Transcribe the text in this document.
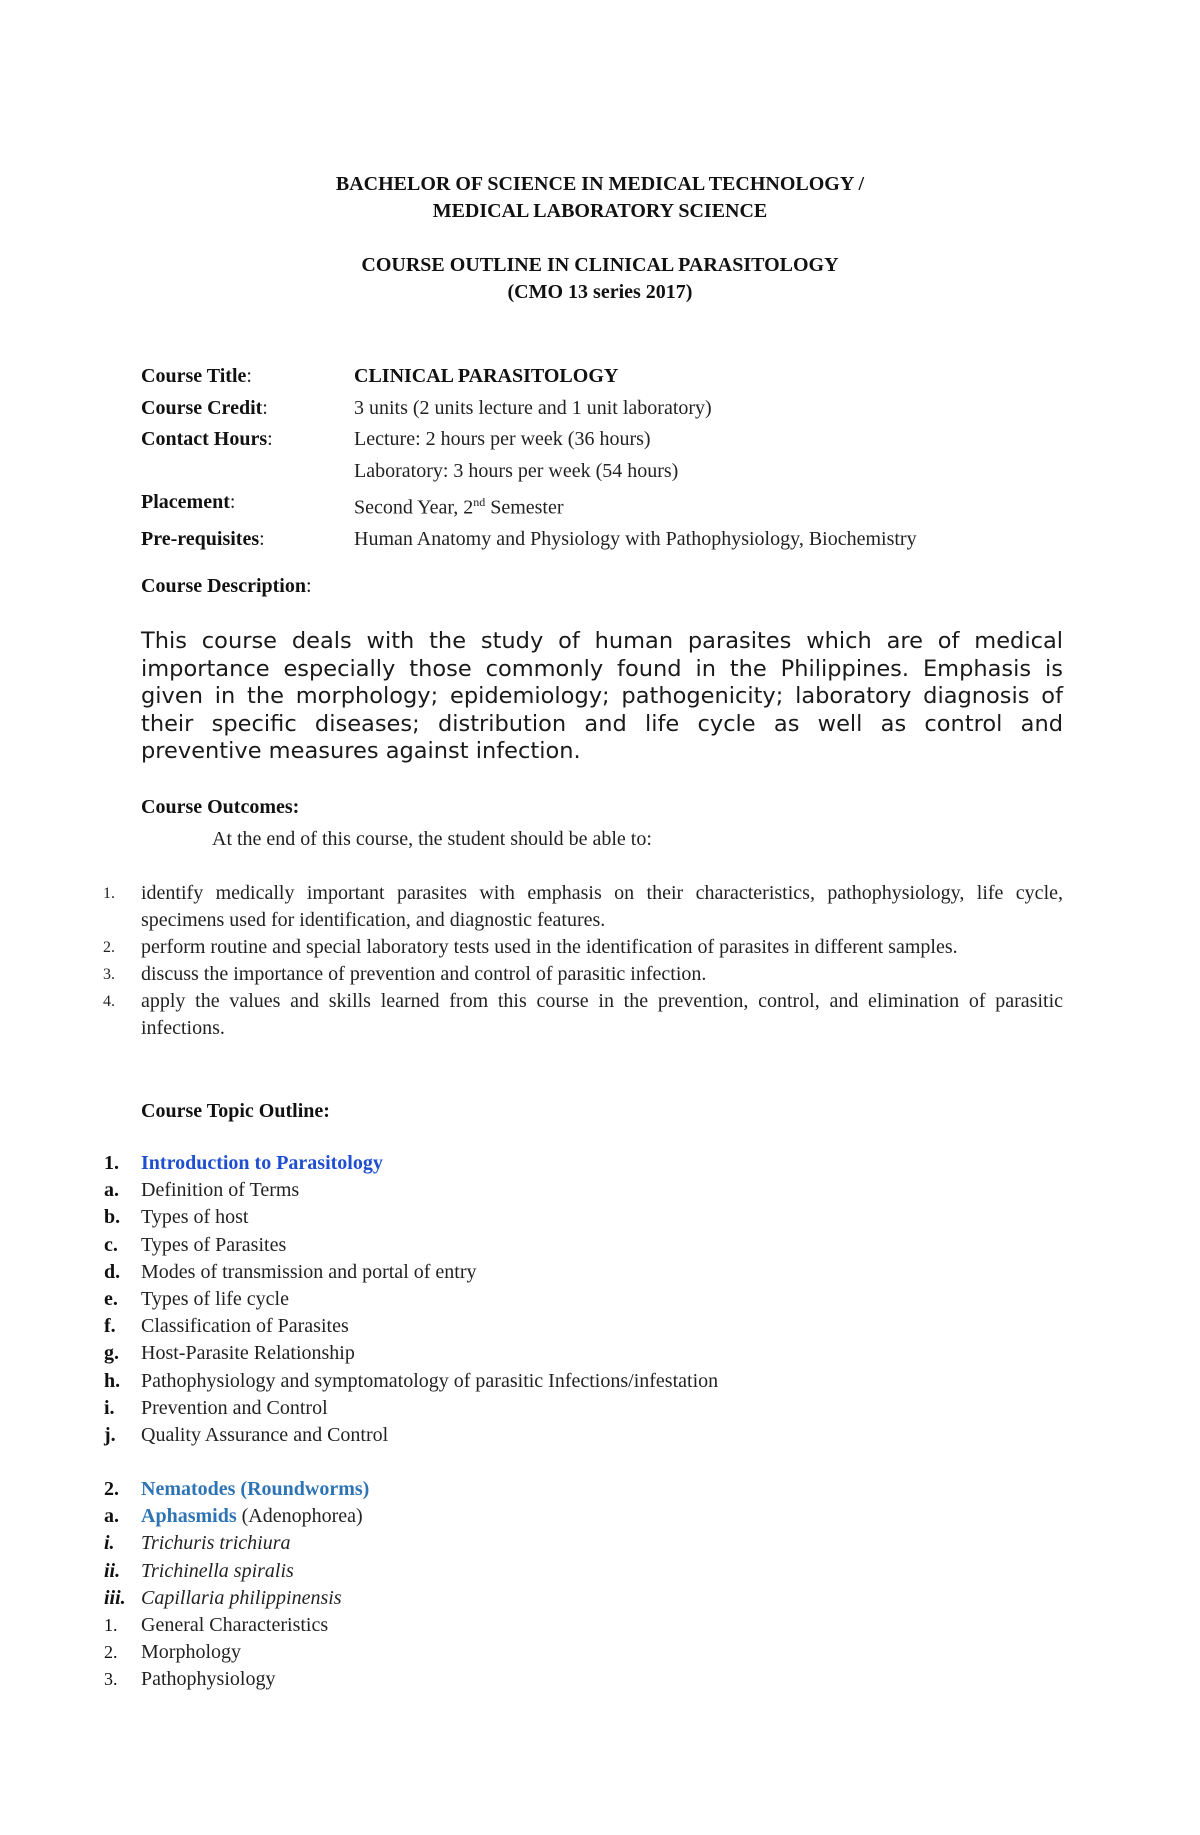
BACHELOR OF SCIENCE IN MEDICAL TECHNOLOGY /
MEDICAL LABORATORY SCIENCE
COURSE OUTLINE IN CLINICAL PARASITOLOGY
(CMO 13 series 2017)
Course Title:	CLINICAL PARASITOLOGY
Course Credit:	3 units (2 units lecture and 1 unit laboratory)
Contact Hours:	Lecture: 2 hours per week (36 hours)
Laboratory: 3 hours per week (54 hours)
Placement:	Second Year, 2nd Semester
Pre-requisites:	Human Anatomy and Physiology with Pathophysiology, Biochemistry
Course Description:
This course deals with the study of human parasites which are of medical importance especially those commonly found in the Philippines. Emphasis is given in the morphology; epidemiology; pathogenicity; laboratory diagnosis of their specific diseases; distribution and life cycle as well as control and preventive measures against infection.
Course Outcomes:
At the end of this course, the student should be able to:
1. identify medically important parasites with emphasis on their characteristics, pathophysiology, life cycle, specimens used for identification, and diagnostic features.
2. perform routine and special laboratory tests used in the identification of parasites in different samples.
3. discuss the importance of prevention and control of parasitic infection.
4. apply the values and skills learned from this course in the prevention, control, and elimination of parasitic infections.
Course Topic Outline:
1. Introduction to Parasitology
a. Definition of Terms
b. Types of host
c. Types of Parasites
d. Modes of transmission and portal of entry
e. Types of life cycle
f. Classification of Parasites
g. Host-Parasite Relationship
h. Pathophysiology and symptomatology of parasitic Infections/infestation
i. Prevention and Control
j. Quality Assurance and Control
2. Nematodes (Roundworms)
a. Aphasmids (Adenophorea)
i. Trichuris trichiura
ii. Trichinella spiralis
iii. Capillaria philippinensis
1. General Characteristics
2. Morphology
3. Pathophysiology
